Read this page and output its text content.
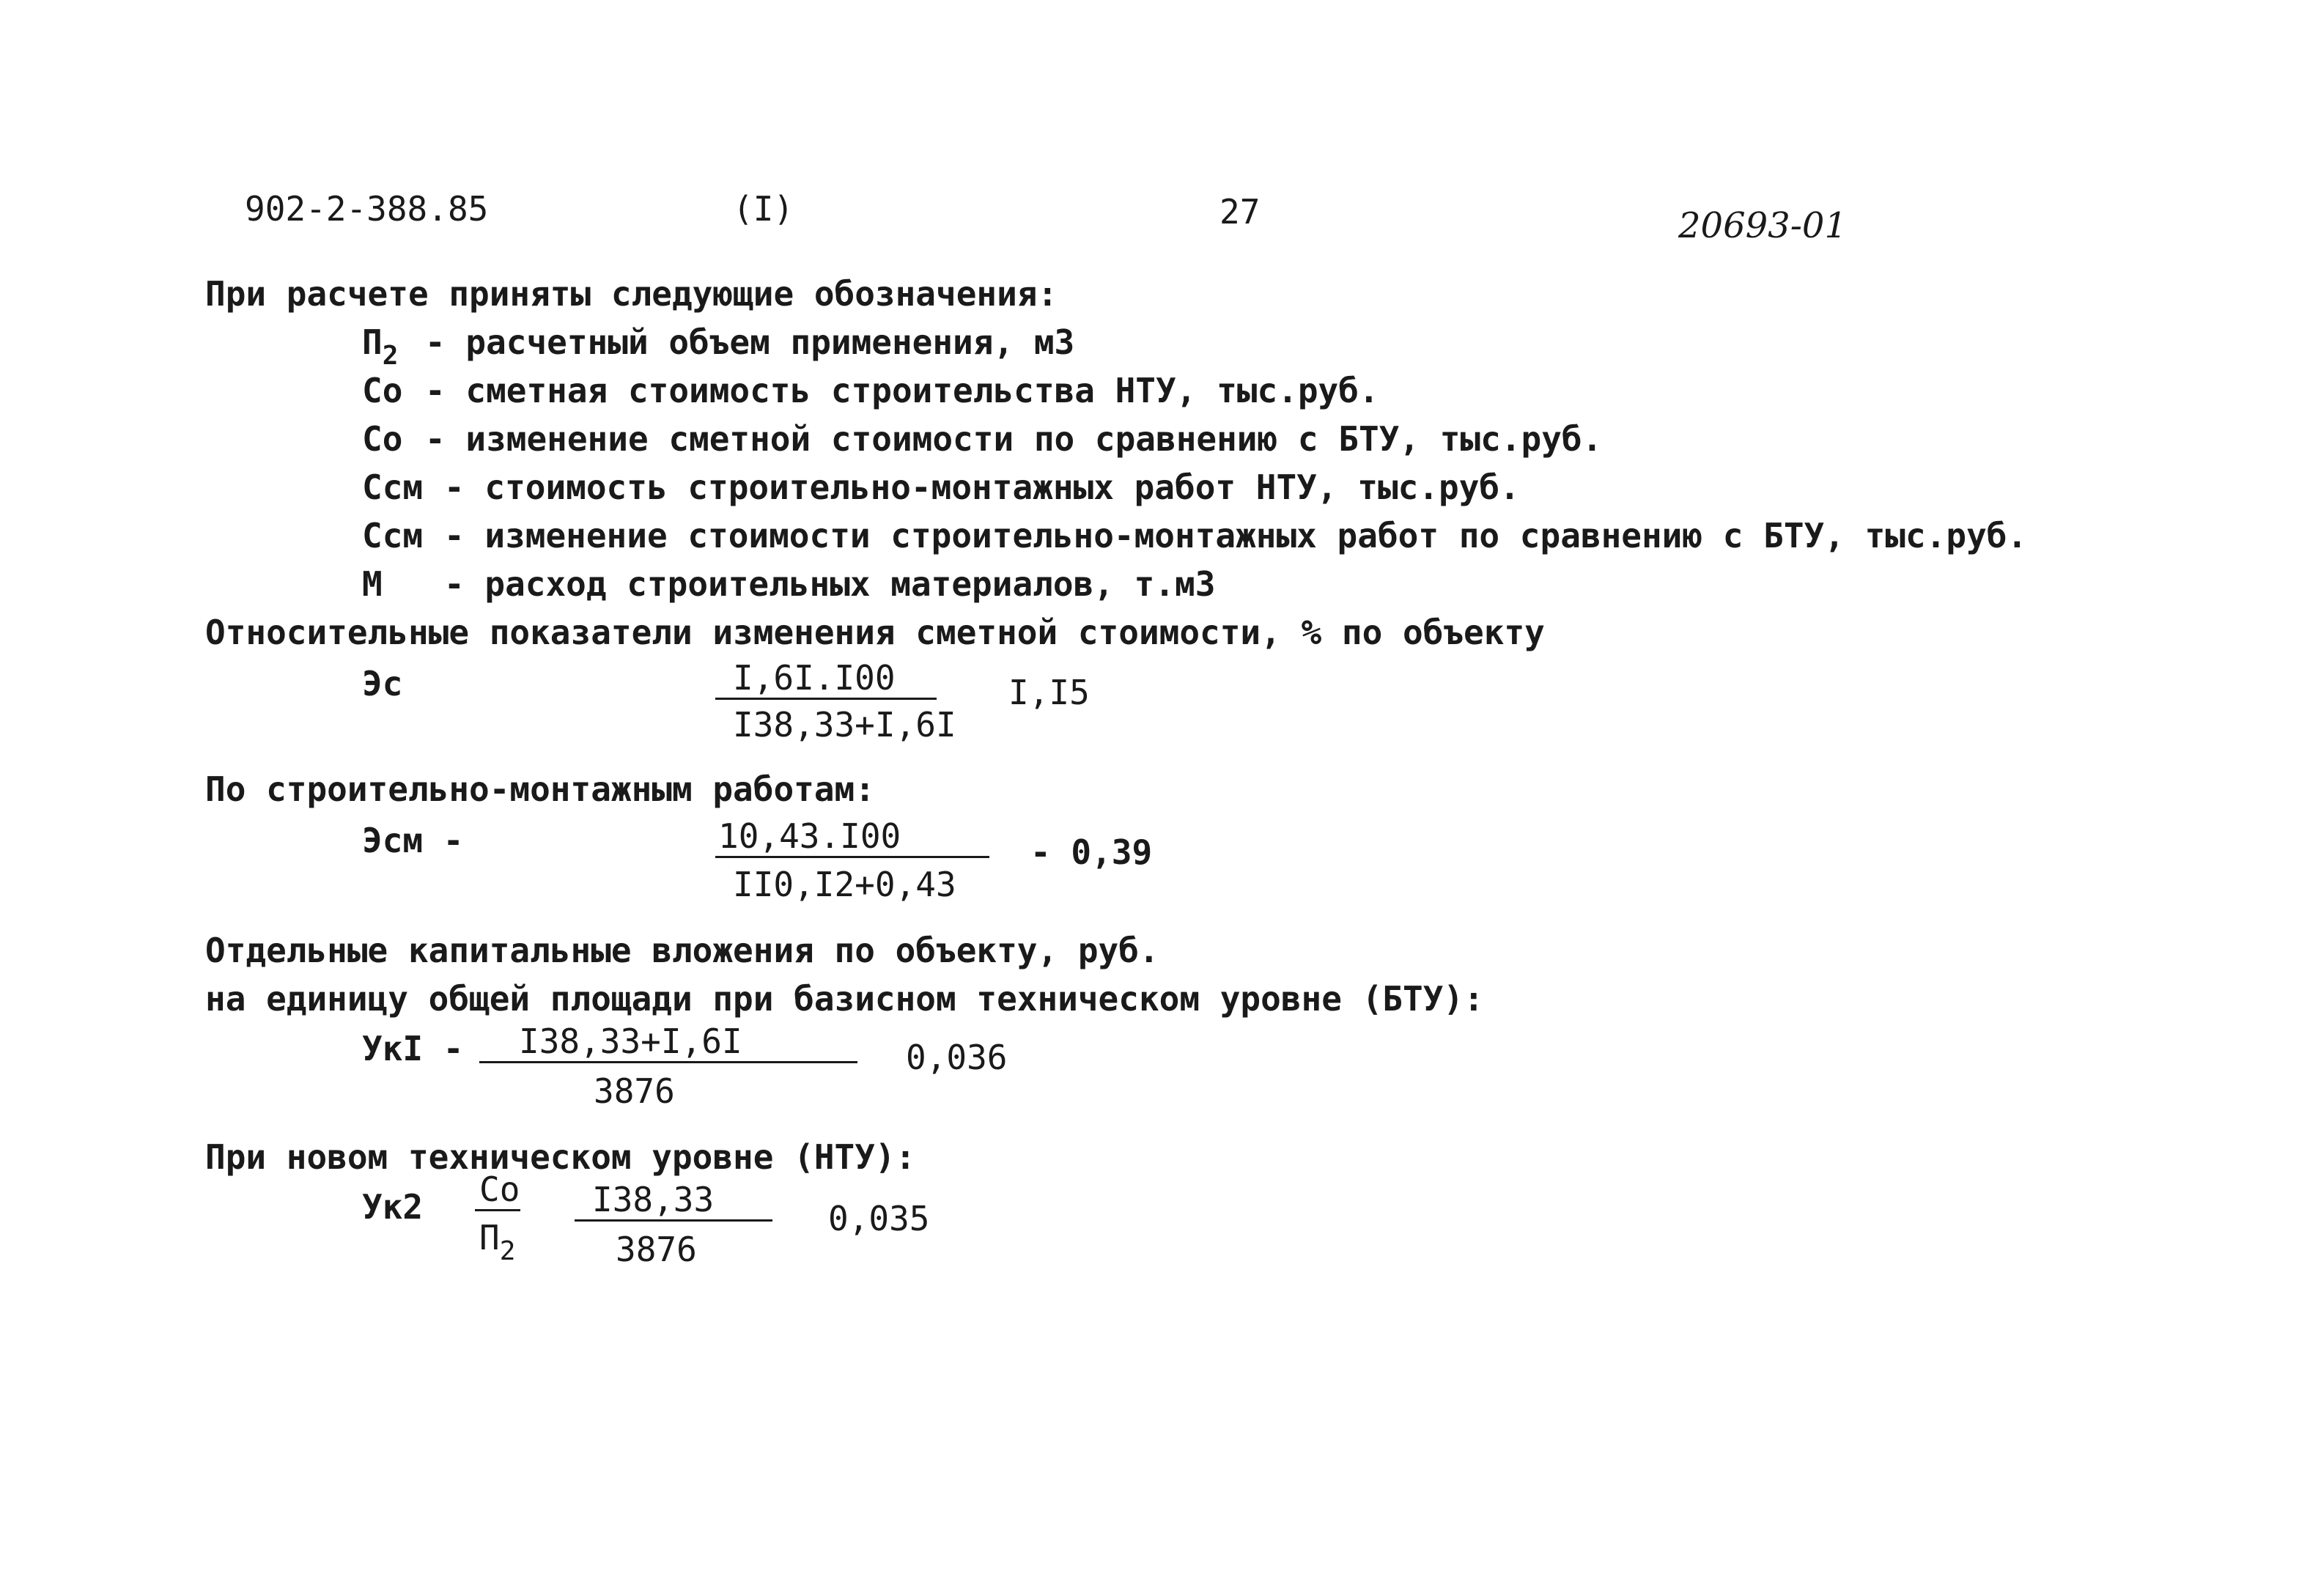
902-2-388.85	(I)	27	20693-01
При расчете приняты следующие обозначения:
$П_2$ - расчетный объем применения, м3
Со - сметная стоимость строительства НТУ, тыс.руб.
Со - изменение сметной стоимости по сравнению с БТУ, тыс.руб.
Ссм - стоимость строительно-монтажных работ НТУ, тыс.руб.
Ссм - изменение стоимости строительно-монтажных работ по сравнению с БТУ, тыс.руб.
М - расход строительных материалов, т.м3
Относительные показатели изменения сметной стоимости, % по объекту
Эс	I,6I.I00
I38,33+I,6I
I,I5
По строительно-монтажным работам:
Эсм -	10,43.I00
II0,I2+0,43
- 0,39
Отдельные капитальные вложения по объекту, руб.
на единицу общей площади при базисном техническом уровне (БТУ):
УкI - I38,33+I,6I
3876
0,036
При новом техническом уровне (НТУ):
Ук2 Со
$П_2$
I38,33
3876
0,035
